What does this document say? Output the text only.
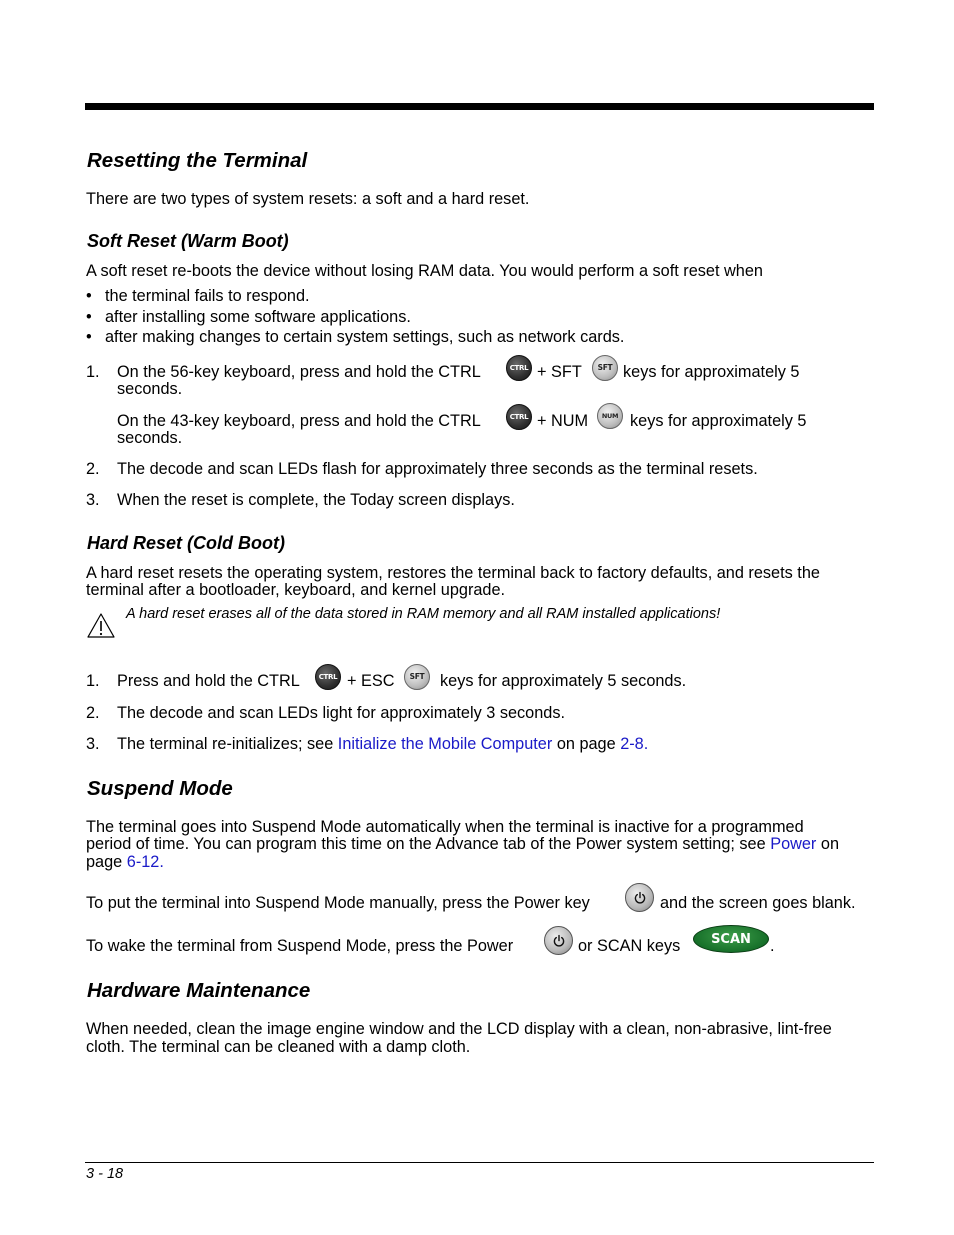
Resetting the Terminal
There are two types of system resets: a soft and a hard reset.
Soft Reset (Warm Boot)
A soft reset re-boots the device without losing RAM data. You would perform a soft reset when
• the terminal fails to respond.
• after installing some software applications.
• after making changes to certain system settings, such as network cards.
1. On the 56-key keyboard, press and hold the CTRL	CTRL + SFT	SFT keys for approximately 5
seconds.
On the 43-key keyboard, press and hold the CTRL	CTRL + NUM	NUM keys for approximately 5
seconds.
2. The decode and scan LEDs flash for approximately three seconds as the terminal resets.
3. When the reset is complete, the Today screen displays.
Hard Reset (Cold Boot)
A hard reset resets the operating system, restores the terminal back to factory defaults, and resets the
terminal after a bootloader, keyboard, and kernel upgrade.
A hard reset erases all of the data stored in RAM memory and all RAM installed applications!
1. Press and hold the CTRL	CTRL + ESC	SFT keys for approximately 5 seconds.
2. The decode and scan LEDs light for approximately 3 seconds.
3. The terminal re-initializes; see Initialize the Mobile Computer on page 2-8.
Suspend Mode
The terminal goes into Suspend Mode automatically when the terminal is inactive for a programmed
period of time. You can program this time on the Advance tab of the Power system setting; see Power on
page 6-12.
To put the terminal into Suspend Mode manually, press the Power key	and the screen goes blank.
To wake the terminal from Suspend Mode, press the Power	or SCAN keys	SCAN	.
Hardware Maintenance
When needed, clean the image engine window and the LCD display with a clean, non-abrasive, lint-free
cloth. The terminal can be cleaned with a damp cloth.
3 - 18
